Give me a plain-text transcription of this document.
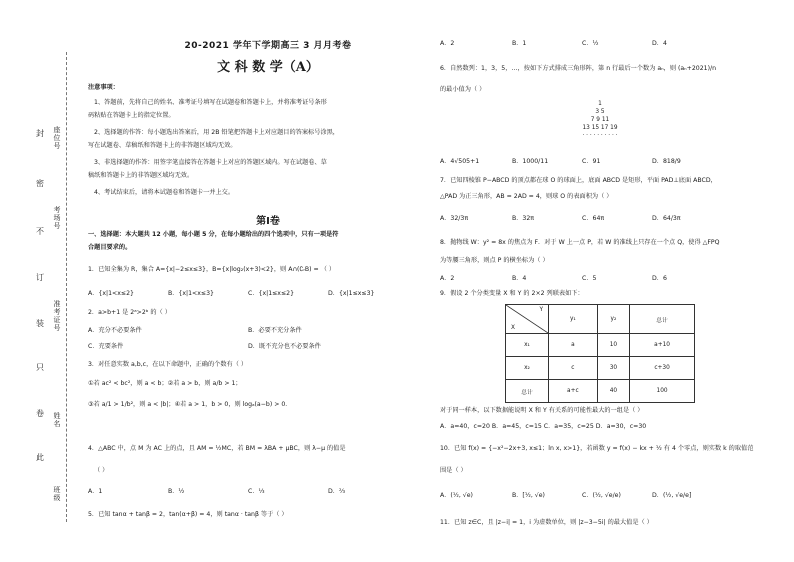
封
密
不
订
装
只
卷
此
座位号
考场号
准考证号
姓名
班级
20-2021 学年下学期高三 3 月月考卷
文 科 数 学（A）
注意事项：
1、答题前，先将自己的姓名、准考证号填写在试题卷和答题卡上，并将准考证号条形
码粘贴在答题卡上的指定位置。
2、选择题的作答：每小题选出答案后，用 2B 铅笔把答题卡上对应题目的答案标号涂黑，
写在试题卷、草稿纸和答题卡上的非答题区域均无效。
3、非选择题的作答：用签字笔直接答在答题卡上对应的答题区域内。写在试题卷、草
稿纸和答题卡上的非答题区域均无效。
4、考试结束后，请将本试题卷和答题卡一并上交。
第Ⅰ卷
一、选择题：本大题共 12 小题，每小题 5 分，在每小题给出的四个选项中，只有一项是符
合题目要求的。
1．已知全集为 R，集合 A={x|−2≤x≤3}，B={x|log₂(x+3)<2}，则 A∩(∁ᵣB) = （ ）
A．{x|1<x≤2}	B．{x|1<x≤3}	C．{x|1≤x≤2}	D．{x|1≤x≤3}
2．a>b+1 是 2ᵃ>2ᵇ 的（ ）
A．充分不必要条件	B．必要不充分条件
C．充要条件	D．既不充分也不必要条件
3．对任意实数 a,b,c，在以下命题中，正确的个数有（ ）
①若 ac² < bc²，则 a < b；②若 a > b，则 a/b > 1；
③若 a/1 > 1/b²，则 a < |b|；④若 a > 1，b > 0，则 logₐ(a−b) > 0．
4．△ABC 中，点 M 为 AC 上的点，且 AM = ½MC，若 BM = λBA + μBC，则 λ−μ 的值是
（ ）
A．1	B．½	C．⅓	D．⅔
5．已知 tanα + tanβ = 2，tan(α+β) = 4，则 tanα · tanβ 等于（ ）
A．2	B．1	C．½	D．4
6．自然数列：1，3，5，…，按如下方式排成三角形阵，第 n 行最后一个数为 aₙ，则 (aₙ+2021)/n
的最小值为（ ）
1
3 5
7 9 11
13 15 17 19
· · · · · · · · · ·
A．4√505+1	B．1000/11	C．91	D．818/9
7．已知四棱锥 P−ABCD 的顶点都在球 O 的球面上，底面 ABCD 是矩形，平面 PAD⊥底面 ABCD，
△PAD 为正三角形，AB = 2AD = 4，则球 O 的表面积为（ ）
A．32/3π	B．32π	C．64π	D．64/3π
8．抛物线 W：y² = 8x 的焦点为 F．对于 W 上一点 P，若 W 的准线上只存在一个点 Q，使得 △FPQ
为等腰三角形，则点 P 的横坐标为（ ）
A．2	B．4	C．5	D．6
9．假设 2 个分类变量 X 和 Y 的 2×2 列联表如下：
Y
X	y₁	y₂	总计
x₁	a	10	a+10
x₂	c	30	c+30
总计	a+c	40	100
对于同一样本，以下数据能说明 X 和 Y 有关系的可能性最大的一组是（ ）
A．a=40，c=20 B．a=45，c=15 C．a=35，c=25 D．a=30，c=30
10．已知 f(x) = {−x²−2x+3, x≤1；ln x, x>1}，若函数 y = f(x) − kx + ½ 有 4 个零点，则实数 k 的取值范
围是（ ）
A．(½, √e)	B．[½, √e)	C．(½, √e/e)	D．(½, √e/e]
11．已知 z∈C，且 |z−i| = 1，i 为虚数单位，则 |z−3−5i| 的最大值是（ ）
